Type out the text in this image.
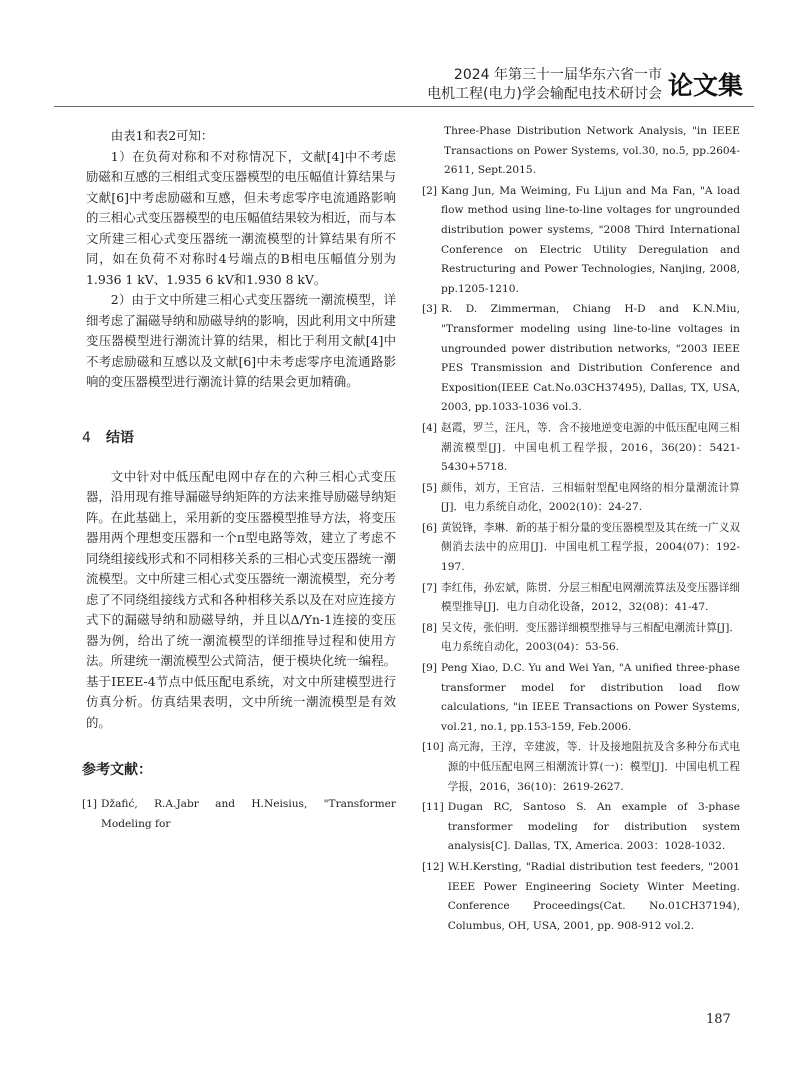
2024 年第三十一届华东六省一市
电机工程(电力)学会输配电技术研讨会 论文集

由表1和表2可知：

1）在负荷对称和不对称情况下，文献[4]中不考虑励磁和互感的三相组式变压器模型的电压幅值计算结果与文献[6]中考虑励磁和互感，但未考虑零序电流通路影响的三相心式变压器模型的电压幅值结果较为相近，而与本文所建三相心式变压器统一潮流模型的计算结果有所不同，如在负荷不对称时4号端点的B相电压幅值分别为1.936 1 kV、1.935 6 kV和1.930 8 kV。

2）由于文中所建三相心式变压器统一潮流模型，详细考虑了漏磁导纳和励磁导纳的影响，因此利用文中所建变压器模型进行潮流计算的结果，相比于利用文献[4]中不考虑励磁和互感以及文献[6]中未考虑零序电流通路影响的变压器模型进行潮流计算的结果会更加精确。

4 结语

文中针对中低压配电网中存在的六种三相心式变压器，沿用现有推导漏磁导纳矩阵的方法来推导励磁导纳矩阵。在此基础上，采用新的变压器模型推导方法，将变压器用两个理想变压器和一个π型电路等效，建立了考虑不同绕组接线形式和不同相移关系的三相心式变压器统一潮流模型。文中所建三相心式变压器统一潮流模型，充分考虑了不同绕组接线方式和各种相移关系以及在对应连接方式下的漏磁导纳和励磁导纳，并且以Δ/Yn-1连接的变压器为例，给出了统一潮流模型的详细推导过程和使用方法。所建统一潮流模型公式简洁，便于模块化统一编程。基于IEEE-4节点中低压配电系统，对文中所建模型进行仿真分析。仿真结果表明，文中所统一潮流模型是有效的。

参考文献：
[1] Džafić, R.A.Jabr and H.Neisius, "Transformer Modeling for
Three-Phase Distribution Network Analysis, "in IEEE Transactions on Power Systems, vol.30, no.5, pp.2604-2611, Sept.2015.
[2] Kang Jun, Ma Weiming, Fu Lijun and Ma Fan, "A load flow method using line-to-line voltages for ungrounded distribution power systems, "2008 Third International Conference on Electric Utility Deregulation and Restructuring and Power Technologies, Nanjing, 2008, pp.1205-1210.
[3] R. D. Zimmerman, Chiang H-D and K.N.Miu, "Transformer modeling using line-to-line voltages in ungrounded power distribution networks, "2003 IEEE PES Transmission and Distribution Conference and Exposition(IEEE Cat.No.03CH37495), Dallas, TX, USA, 2003, pp.1033-1036 vol.3.
[4] 赵霞，罗兰，汪凡，等．含不接地逆变电源的中低压配电网三相潮流模型[J]．中国电机工程学报，2016，36(20)：5421-5430+5718.
[5] 颜伟，刘方，王官洁．三相辐射型配电网络的相分量潮流计算[J]．电力系统自动化，2002(10)：24-27.
[6] 黄锐锋，李琳．新的基于相分量的变压器模型及其在统一广义双侧消去法中的应用[J]．中国电机工程学报，2004(07)：192-197.
[7] 李红伟，孙宏斌，陈贯．分层三相配电网潮流算法及变压器详细模型推导[J]．电力自动化设备，2012，32(08)：41-47.
[8] 吴文传，张伯明．变压器详细模型推导与三相配电潮流计算[J]．电力系统自动化，2003(04)：53-56.
[9] Peng Xiao, D.C. Yu and Wei Yan, "A unified three-phase transformer model for distribution load flow calculations, "in IEEE Transactions on Power Systems, vol.21, no.1, pp.153-159, Feb.2006.
[10] 高元海，王淳，辛建波，等．计及接地阻抗及含多种分布式电源的中低压配电网三相潮流计算(一)：模型[J]．中国电机工程学报，2016，36(10)：2619-2627.
[11] Dugan RC, Santoso S. An example of 3-phase transformer modeling for distribution system analysis[C]. Dallas, TX, America. 2003：1028-1032.
[12] W.H.Kersting, "Radial distribution test feeders, "2001 IEEE Power Engineering Society Winter Meeting. Conference Proceedings(Cat. No.01CH37194), Columbus, OH, USA, 2001, pp. 908-912 vol.2.
187
